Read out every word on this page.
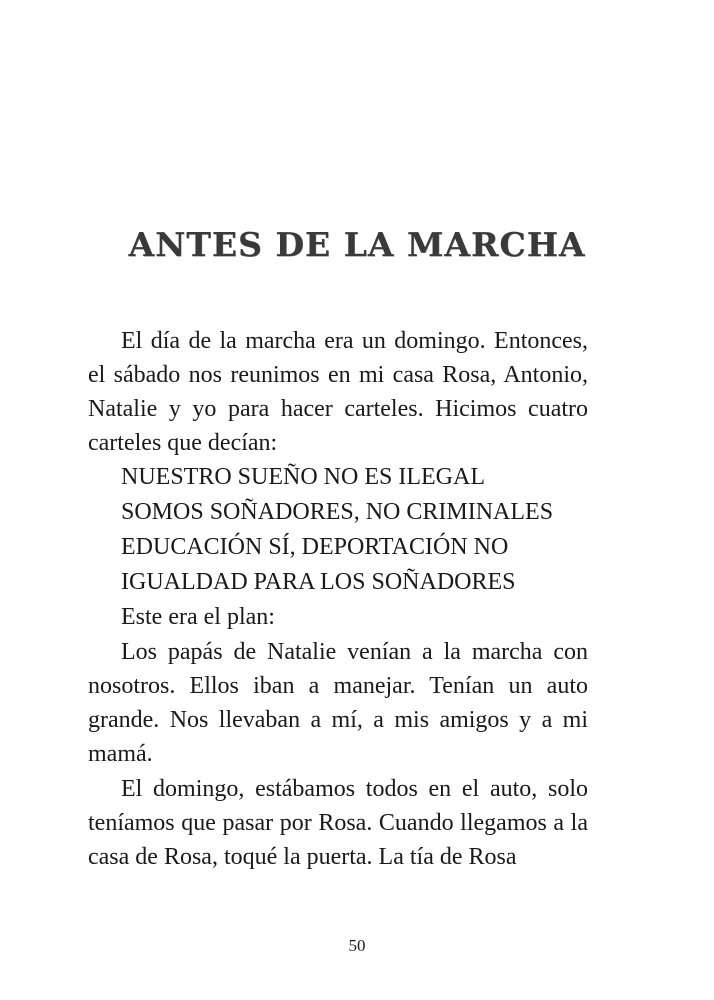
ANTES DE LA MARCHA

El día de la marcha era un domingo. Entonces, el sábado nos reunimos en mi casa Rosa, Antonio, Natalie y yo para hacer carteles. Hicimos cuatro carteles que decían:

NUESTRO SUEÑO NO ES ILEGAL

SOMOS SOÑADORES, NO CRIMINALES

EDUCACIÓN SÍ, DEPORTACIÓN NO

IGUALDAD PARA LOS SOÑADORES

Este era el plan:

Los papás de Natalie venían a la marcha con nosotros. Ellos iban a manejar. Tenían un auto grande. Nos llevaban a mí, a mis amigos y a mi mamá.

El domingo, estábamos todos en el auto, solo teníamos que pasar por Rosa. Cuando llegamos a la casa de Rosa, toqué la puerta. La tía de Rosa

50
